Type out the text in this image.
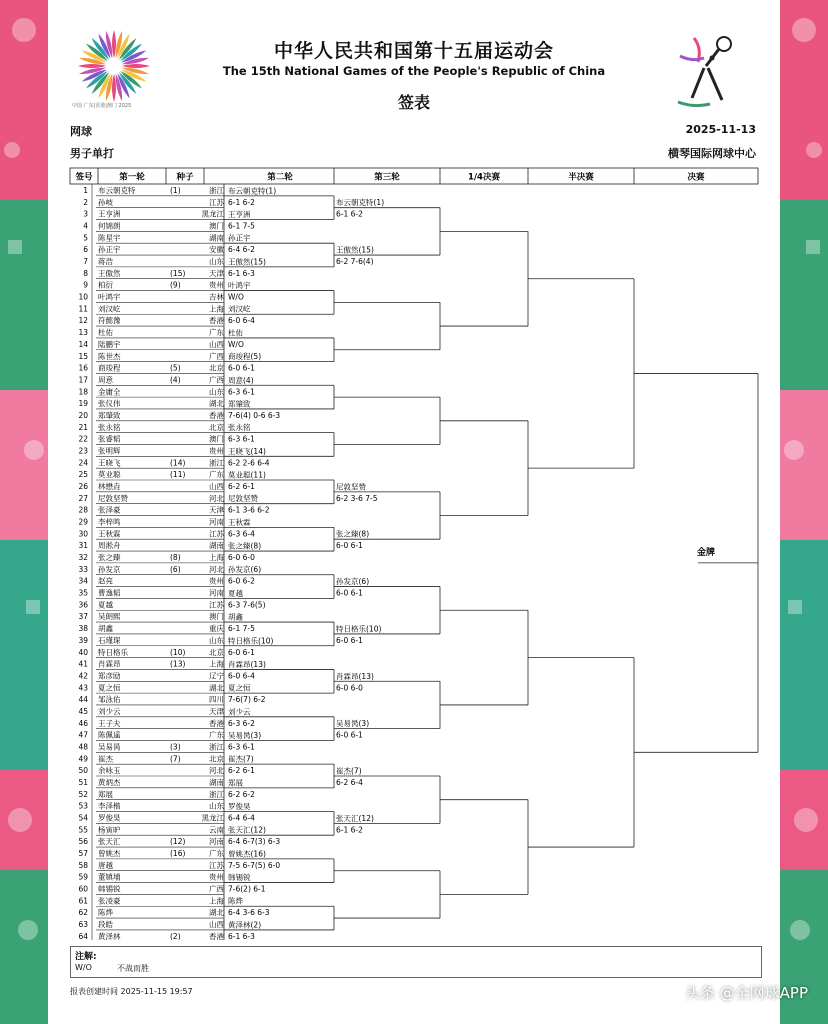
中国 广东|香港|澳门 2025
中华人民共和国第十五届运动会
The 15th National Games of the People's Republic of China
签表
网球	2025-11-13
男子单打	横琴国际网球中心
签号	第一轮	种子	第二轮	第三轮	1/4决赛	半决赛	决赛
1 布云朝克特	(1)	浙江
2 孙岐	江苏
3 王亨洲	黑龙江
4 何锦朗	澳门
5 陈星宇	湖南
6 孙正宇	安徽
7 蒋浩	山东
8 王傲然	(15)	天津
9 柏衍	(9)	贵州
10 叶鸿宇	吉林
11 刘汉屹	上海
12 符懿豫	香港
13 杜佑	广东
14 陆鹏宇	山西
15 陈世杰	广西
16 商竣程	(5)	北京
17 周意	(4)	广西
18 金庸全	山东
19 张仪伟	湖北
20 郑肇致	香港
21 张永铭	北京
22 张睿韬	澳门
23 张明辉	贵州
24 王晓飞	(14)	浙江
25 莫业聪	(11)	广东
26 林懋垚	山西
27 尼敦坚赞	河北
28 张泽豪	天津
29 李梓鸣	河南
30 王秋霖	江苏
31 周淞舟	湖南
32 张之臻	(8)	上海
33 孙发京	(6)	河北
34 赵亮	贵州
35 曹逸韬	河南
36 夏越	江苏
37 吴朗熙	澳门
38 胡鑫	重庆
39 石瑾琛	山东
40 特日格乐	(10)	北京
41 肖霖昂	(13)	上海
42 郑彦劻	辽宁
43 夏之恒	湖北
44 邹泳佑	四川
45 刘少云	天津
46 王子夫	香港
47 陈佩遥	广东
48 吴易昺	(3)	浙江
49 崔杰	(7)	北京
50 余咏玉	河北
51 黄炳杰	湖南
52 郑展	浙江
53 李泽楷	山东
54 罗俊昊	黑龙江
55 杨寅昈	云南
56 张天汇	(12)	河南
57 曾姚杰	(16)	广东
58 唐越	江苏
59 董镇埔	贵州
60 韩锡锐	广西
61 张凌豪	上海
62 陈烨	湖北
63 段皓	山西
64 黄泽林	(2)	香港
布云朝克特(1)
6-1 6-2
王亨洲
6-1 7-5
孙正宇
6-4 6-2
王傲然(15)
6-1 6-3
叶鸿宇
W/O
刘汉屹
6-0 6-4
杜佑
W/O
商竣程(5)
6-0 6-1
周意(4)
6-3 6-1
郑肇致
7-6(4) 0-6 6-3
张永铭
6-3 6-1
王晓飞(14)
6-2 2-6 6-4
莫业聪(11)
6-2 6-1
尼敦坚赞
6-1 3-6 6-2
王秋霖
6-3 6-4
张之臻(8)
6-0 6-0
孙发京(6)
6-0 6-2
夏越
6-3 7-6(5)
胡鑫
6-1 7-5
特日格乐(10)
6-0 6-1
肖霖昂(13)
6-0 6-4
夏之恒
7-6(7) 6-2
刘少云
6-3 6-2
吴易昺(3)
6-3 6-1
崔杰(7)
6-2 6-1
郑展
6-2 6-2
罗俊昊
6-4 6-4
张天汇(12)
6-4 6-7(3) 6-3
曾姚杰(16)
7-5 6-7(5) 6-0
韩锡锐
7-6(2) 6-1
陈烨
6-4 3-6 6-3
黄泽林(2)
6-1 6-3
布云朝克特(1)
6-1 6-2
王傲然(15)
6-2 7-6(4)
尼敦坚赞
6-2 3-6 7-5
张之臻(8)
6-0 6-1
孙发京(6)
6-0 6-1
特日格乐(10)
6-0 6-1
肖霖昂(13)
6-0 6-0
吴易昺(3)
6-0 6-1
崔杰(7)
6-2 6-4
张天汇(12)
6-1 6-2
金牌
注解:
W/O	不战而胜
报表创建时间 2025-11-15 19:57	头条 @全网球APP
